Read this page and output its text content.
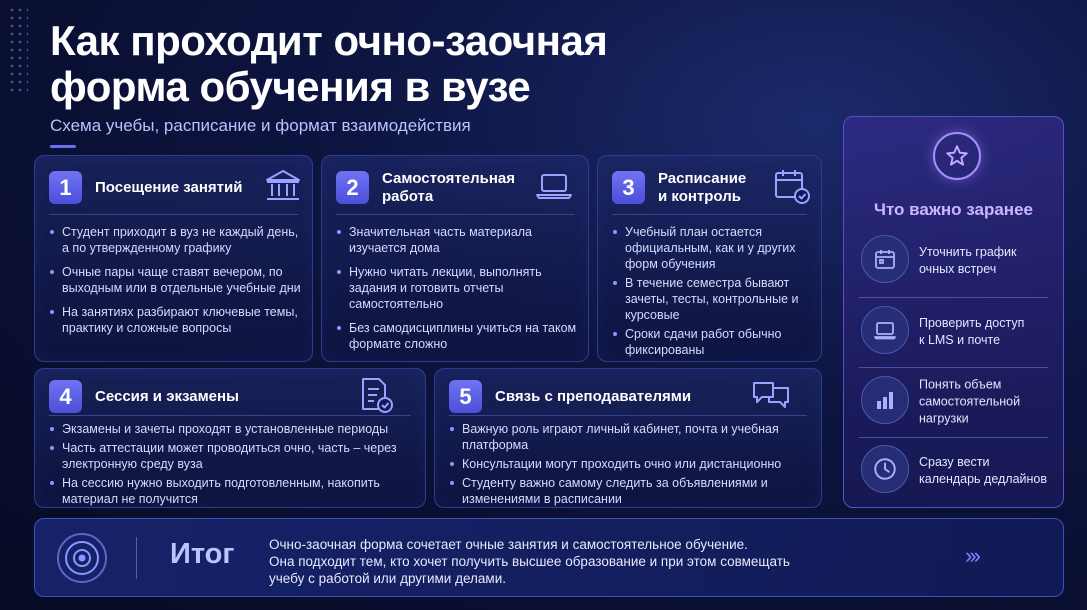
Как проходит очно-заочная
форма обучения в вузе
Схема учебы, расписание и формат взаимодействия
1	Посещение занятий
Студент приходит в вуз не каждый день, а по утвержденному графику
Очные пары чаще ставят вечером, по выходным или в отдельные учебные дни
На занятиях разбирают ключевые темы, практику и сложные вопросы
2	Самостоятельная
работа
Значительная часть материала изучается дома
Нужно читать лекции, выполнять задания и готовить отчеты самостоятельно
Без самодисциплины учиться на таком формате сложно
3	Расписание
и контроль
Учебный план остается официальным, как и у других форм обучения
В течение семестра бывают зачеты, тесты, контрольные и курсовые
Сроки сдачи работ обычно фиксированы
4	Сессия и экзамены
Экзамены и зачеты проходят в установленные периоды
Часть аттестации может проводиться очно, часть – через электронную среду вуза
На сессию нужно выходить подготовленным, накопить материал не получится
5	Связь с преподавателями
Важную роль играют личный кабинет, почта и учебная платформа
Консультации могут проходить очно или дистанционно
Студенту важно самому следить за объявлениями и изменениями в расписании
Что важно заранее
Уточнить график
очных встреч
Проверить доступ
к LMS и почте
Понять объем
самостоятельной
нагрузки
Сразу вести
календарь дедлайнов
Итог	Очно-заочная форма сочетает очные занятия и самостоятельное обучение.
Она подходит тем, кто хочет получить высшее образование и при этом совмещать
учебу с работой или другими делами.
›››
